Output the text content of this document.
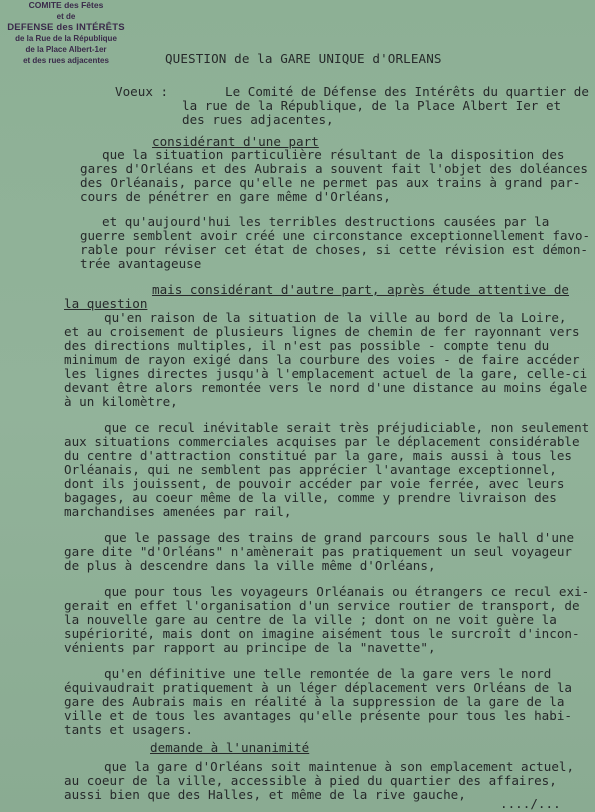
COMITE des Fêtes
et de
DEFENSE des INTÉRÊTS
de la Rue de la République
de la Place Albert-1er
et des rues adjacentes	QUESTION de la GARE UNIQUE d'ORLEANS
Voeux :	Le Comité de Défense des Intérêts du quartier de
la rue de la République, de la Place Albert Ier et
des rues adjacentes,
considérant d'une part
que la situation particulière résultant de la disposition des
gares d'Orléans et des Aubrais a souvent fait l'objet des doléances
des Orléanais, parce qu'elle ne permet pas aux trains à grand par-
cours de pénétrer en gare même d'Orléans,
et qu'aujourd'hui les terribles destructions causées par la
guerre semblent avoir créé une circonstance exceptionnellement favo-
rable pour réviser cet état de choses, si cette révision est démon-
trée avantageuse
mais considérant d'autre part, après étude attentive de
la question
qu'en raison de la situation de la ville au bord de la Loire,
et au croisement de plusieurs lignes de chemin de fer rayonnant vers
des directions multiples, il n'est pas possible - compte tenu du
minimum de rayon exigé dans la courbure des voies - de faire accéder
les lignes directes jusqu'à l'emplacement actuel de la gare, celle-ci
devant être alors remontée vers le nord d'une distance au moins égale
à un kilomètre,
que ce recul inévitable serait très préjudiciable, non seulement
aux situations commerciales acquises par le déplacement considérable
du centre d'attraction constitué par la gare, mais aussi à tous les
Orléanais, qui ne semblent pas apprécier l'avantage exceptionnel,
dont ils jouissent, de pouvoir accéder par voie ferrée, avec leurs
bagages, au coeur même de la ville, comme y prendre livraison des
marchandises amenées par rail,
que le passage des trains de grand parcours sous le hall d'une
gare dite "d'Orléans" n'amènerait pas pratiquement un seul voyageur
de plus à descendre dans la ville même d'Orléans,
que pour tous les voyageurs Orléanais ou étrangers ce recul exi-
gerait en effet l'organisation d'un service routier de transport, de
la nouvelle gare au centre de la ville ; dont on ne voit guère la
supériorité, mais dont on imagine aisément tous le surcroît d'incon-
vénients par rapport au principe de la "navette",
qu'en définitive une telle remontée de la gare vers le nord
équivaudrait pratiquement à un léger déplacement vers Orléans de la
gare des Aubrais mais en réalité à la suppression de la gare de la
ville et de tous les avantages qu'elle présente pour tous les habi-
tants et usagers.
demande à l'unanimité
que la gare d'Orléans soit maintenue à son emplacement actuel,
au coeur de la ville, accessible à pied du quartier des affaires,
aussi bien que des Halles, et même de la rive gauche,
..../...
